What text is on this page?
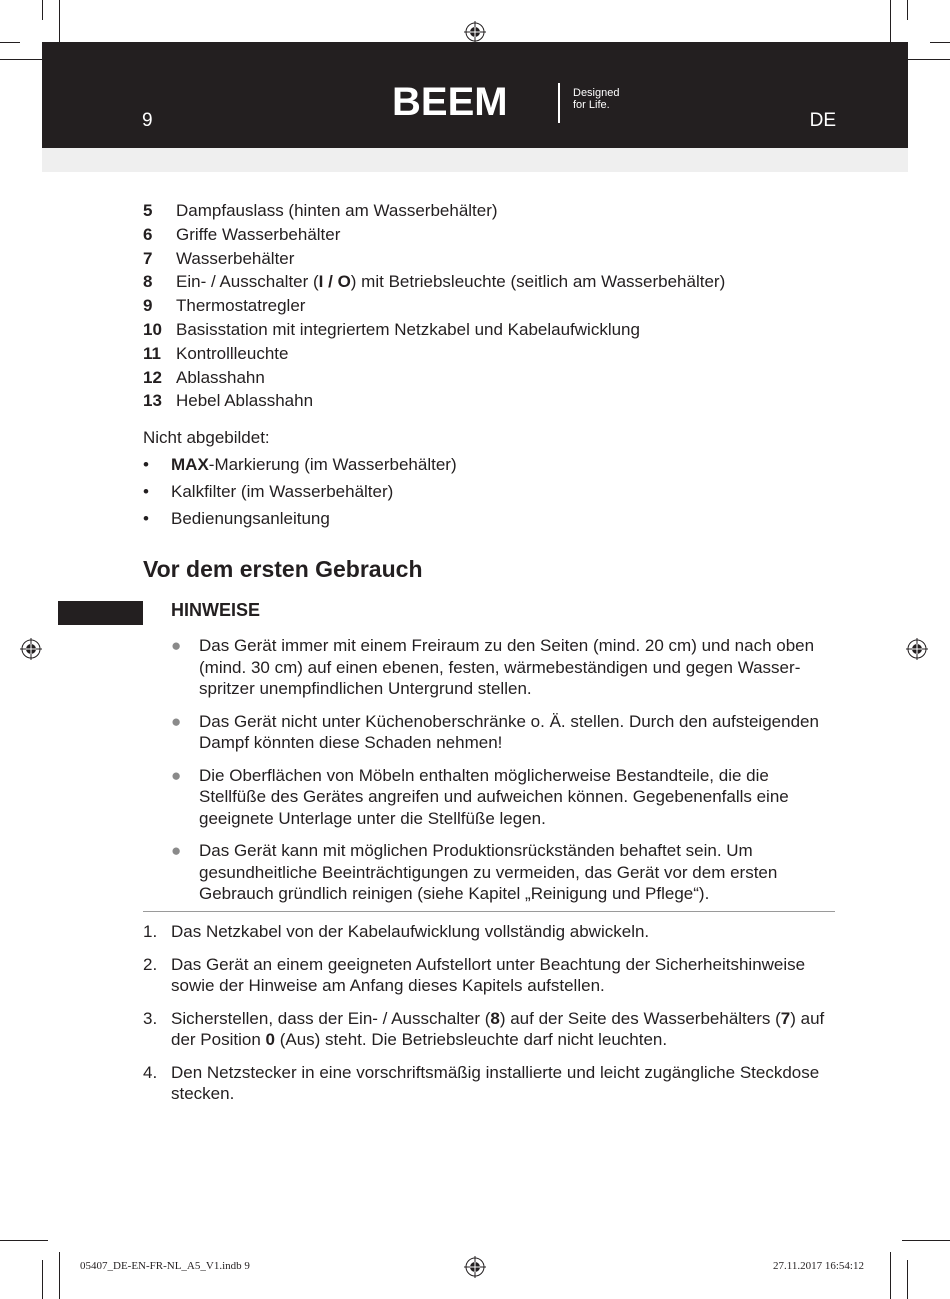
9	BEEM	Designed
for Life.
DE
5	Dampfauslass (hinten am Wasserbehälter)
6	Griffe Wasserbehälter
7	Wasserbehälter
8	Ein- / Ausschalter (I / O) mit Betriebsleuchte (seitlich am Wasserbehälter)
9	Thermostatregler
10 Basisstation mit integriertem Netzkabel und Kabelaufwicklung
11 Kontrollleuchte
12 Ablasshahn
13 Hebel Ablasshahn
Nicht abgebildet:
•	MAX-Markierung (im Wasserbehälter)
•	Kalkfilter (im Wasserbehälter)
•	Bedienungsanleitung
Vor dem ersten Gebrauch
HINWEISE
●	Das Gerät immer mit einem Freiraum zu den Seiten (mind. 20 cm) und nach oben (mind. 30 cm) auf einen ebenen, festen, wärmebeständigen und gegen Wasserspritzer unempfindlichen Untergrund stellen.
●	Das Gerät nicht unter Küchenoberschränke o. Ä. stellen. Durch den aufsteigenden Dampf könnten diese Schaden nehmen!
●	Die Oberflächen von Möbeln enthalten möglicherweise Bestandteile, die die Stellfüße des Gerätes angreifen und aufweichen können. Gegebenenfalls eine geeignete Unterlage unter die Stellfüße legen.
●	Das Gerät kann mit möglichen Produktionsrückständen behaftet sein. Um gesundheitliche Beeinträchtigungen zu vermeiden, das Gerät vor dem ersten Gebrauch gründlich reinigen (siehe Kapitel „Reinigung und Pflege“).
1. Das Netzkabel von der Kabelaufwicklung vollständig abwickeln.
2. Das Gerät an einem geeigneten Aufstellort unter Beachtung der Sicherheitshinweise sowie der Hinweise am Anfang dieses Kapitels aufstellen.
3. Sicherstellen, dass der Ein- / Ausschalter (8) auf der Seite des Wasserbehälters (7) auf der Position 0 (Aus) steht. Die Betriebsleuchte darf nicht leuchten.
4. Den Netzstecker in eine vorschriftsmäßig installierte und leicht zugängliche Steckdose stecken.
05407_DE-EN-FR-NL_A5_V1.indb 9	27.11.2017 16:54:12
